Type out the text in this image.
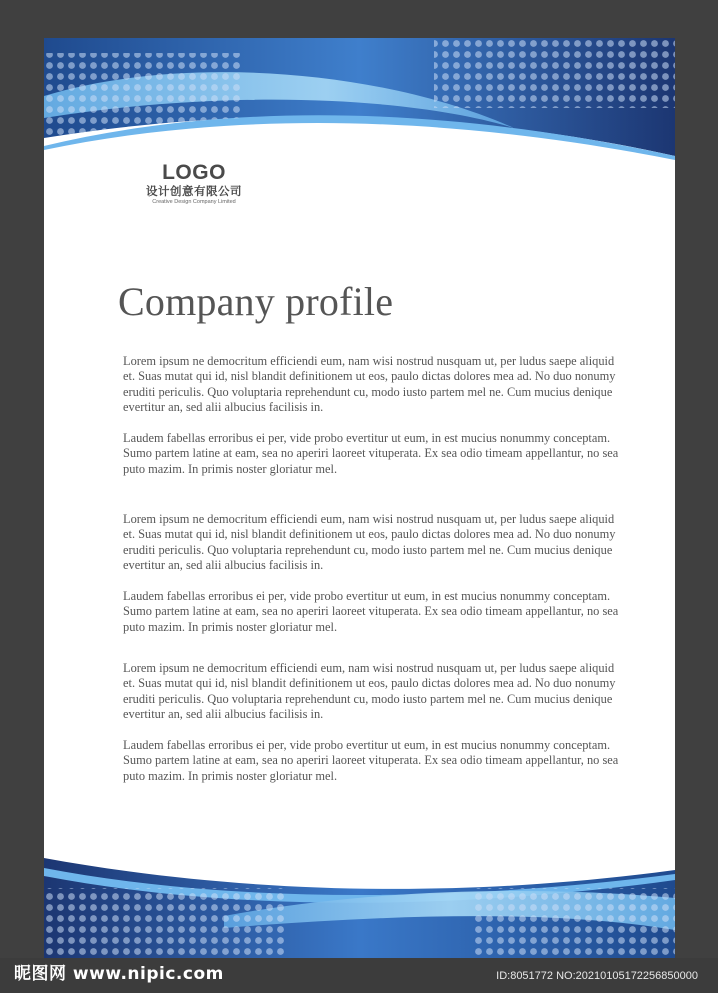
LOGO
设计创意有限公司
Creative Design Company Limited
Company profile

Lorem ipsum ne democritum efficiendi eum, nam wisi nostrud nusquam ut, per ludus saepe aliquid et. Suas mutat qui id, nisl blandit definitionem ut eos, paulo dictas dolores mea ad. No duo nonumy eruditi periculis. Quo voluptaria reprehendunt cu, modo iusto partem mel ne. Cum mucius denique evertitur an, sed alii albucius facilisis in.

Laudem fabellas erroribus ei per, vide probo evertitur ut eum, in est mucius nonummy conceptam. Sumo partem latine at eam, sea no aperiri laoreet vituperata. Ex sea odio timeam appellantur, no sea puto mazim. In primis noster gloriatur mel.

Lorem ipsum ne democritum efficiendi eum, nam wisi nostrud nusquam ut, per ludus saepe aliquid et. Suas mutat qui id, nisl blandit definitionem ut eos, paulo dictas dolores mea ad. No duo nonumy eruditi periculis. Quo voluptaria reprehendunt cu, modo iusto partem mel ne. Cum mucius denique evertitur an, sed alii albucius facilisis in.

Laudem fabellas erroribus ei per, vide probo evertitur ut eum, in est mucius nonummy conceptam. Sumo partem latine at eam, sea no aperiri laoreet vituperata. Ex sea odio timeam appellantur, no sea puto mazim. In primis noster gloriatur mel.

Lorem ipsum ne democritum efficiendi eum, nam wisi nostrud nusquam ut, per ludus saepe aliquid et. Suas mutat qui id, nisl blandit definitionem ut eos, paulo dictas dolores mea ad. No duo nonumy eruditi periculis. Quo voluptaria reprehendunt cu, modo iusto partem mel ne. Cum mucius denique evertitur an, sed alii albucius facilisis in.

Laudem fabellas erroribus ei per, vide probo evertitur ut eum, in est mucius nonummy conceptam. Sumo partem latine at eam, sea no aperiri laoreet vituperata. Ex sea odio timeam appellantur, no sea puto mazim. In primis noster gloriatur mel.

昵图网 www.nipic.com	ID:8051772 NO:20210105172256850000
